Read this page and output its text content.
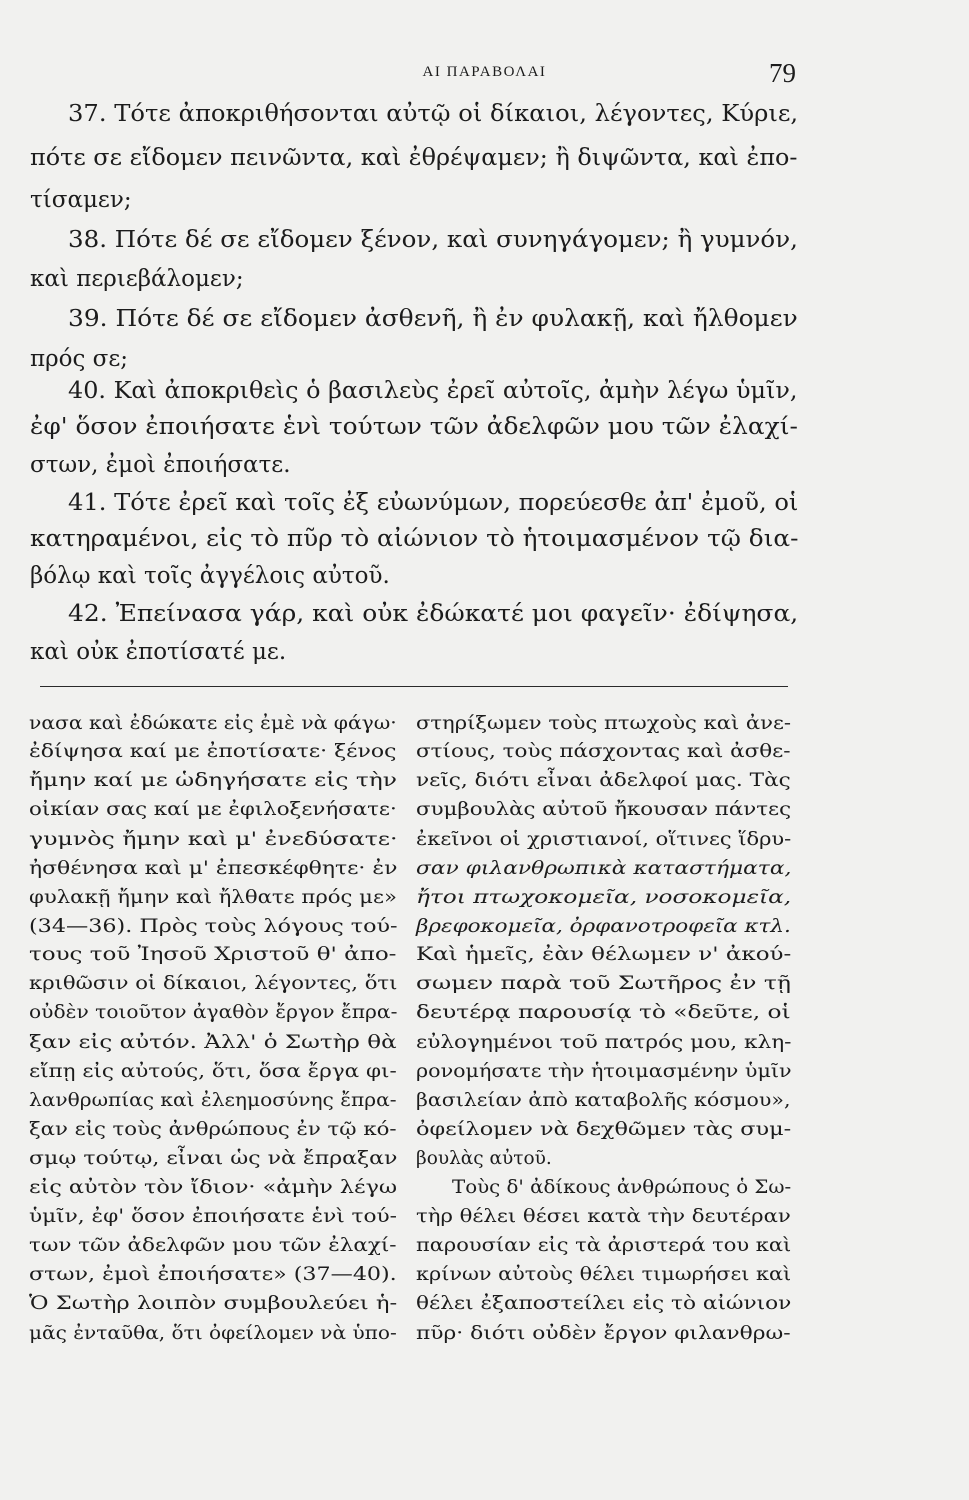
ΑΙ ΠΑΡΑΒΟΛΑΙ	79
37. Τότε ἀποκριθήσονται αὐτῷ οἱ δίκαιοι, λέγοντες, Κύριε,
πότε σε εἴδομεν πεινῶντα, καὶ ἐθρέψαμεν; ἢ διψῶντα, καὶ ἐπο-
τίσαμεν;
38. Πότε δέ σε εἴδομεν ξένον, καὶ συνηγάγομεν; ἢ γυμνόν,
καὶ περιεβάλομεν;
39. Πότε δέ σε εἴδομεν ἀσθενῆ, ἢ ἐν φυλακῇ, καὶ ἤλθομεν
πρός σε;
40. Καὶ ἀποκριθεὶς ὁ βασιλεὺς ἐρεῖ αὐτοῖς, ἀμὴν λέγω ὑμῖν,
ἐφ' ὅσον ἐποιήσατε ἑνὶ τούτων τῶν ἀδελφῶν μου τῶν ἐλαχί-
στων, ἐμοὶ ἐποιήσατε.
41. Τότε ἐρεῖ καὶ τοῖς ἐξ εὐωνύμων, πορεύεσθε ἀπ' ἐμοῦ, οἱ
κατηραμένοι, εἰς τὸ πῦρ τὸ αἰώνιον τὸ ἡτοιμασμένον τῷ δια-
βόλῳ καὶ τοῖς ἀγγέλοις αὐτοῦ.
42. Ἐπείνασα γάρ, καὶ οὐκ ἐδώκατέ μοι φαγεῖν· ἐδίψησα,
καὶ οὐκ ἐποτίσατέ με.
νασα καὶ ἐδώκατε εἰς ἐμὲ νὰ φάγω·
ἐδίψησα καί με ἐποτίσατε· ξένος
ἤμην καί με ὡδηγήσατε εἰς τὴν
οἰκίαν σας καί με ἐφιλοξενήσατε·
γυμνὸς ἤμην καὶ μ' ἐνεδύσατε·
ἠσθένησα καὶ μ' ἐπεσκέφθητε· ἐν
φυλακῇ ἤμην καὶ ἤλθατε πρός με»
(34—36). Πρὸς τοὺς λόγους τού-
τους τοῦ Ἰησοῦ Χριστοῦ θ' ἀπο-
κριθῶσιν οἱ δίκαιοι, λέγοντες, ὅτι
οὐδὲν τοιοῦτον ἀγαθὸν ἔργον ἔπρα-
ξαν εἰς αὐτόν. Ἀλλ' ὁ Σωτὴρ θὰ
εἴπῃ εἰς αὐτούς, ὅτι, ὅσα ἔργα φι-
λανθρωπίας καὶ ἐλεημοσύνης ἔπρα-
ξαν εἰς τοὺς ἀνθρώπους ἐν τῷ κό-
σμῳ τούτῳ, εἶναι ὡς νὰ ἔπραξαν
εἰς αὐτὸν τὸν ἴδιον· «ἀμὴν λέγω
ὑμῖν, ἐφ' ὅσον ἐποιήσατε ἑνὶ τού-
των τῶν ἀδελφῶν μου τῶν ἐλαχί-
στων, ἐμοὶ ἐποιήσατε» (37—40).
Ὁ Σωτὴρ λοιπὸν συμβουλεύει ἡ-
μᾶς ἐνταῦθα, ὅτι ὀφείλομεν νὰ ὑπο-
στηρίξωμεν τοὺς πτωχοὺς καὶ ἀνε-
στίους, τοὺς πάσχοντας καὶ ἀσθε-
νεῖς, διότι εἶναι ἀδελφοί μας. Τὰς
συμβουλὰς αὐτοῦ ἤκουσαν πάντες
ἐκεῖνοι οἱ χριστιανοί, οἵτινες ἵδρυ-
σαν φιλανθρωπικὰ καταστήματα,
ἤτοι πτωχοκομεῖα, νοσοκομεῖα,
βρεφοκομεῖα, ὀρφανοτροφεῖα κτλ.
Καὶ ἡμεῖς, ἐὰν θέλωμεν ν' ἀκού-
σωμεν παρὰ τοῦ Σωτῆρος ἐν τῇ
δευτέρᾳ παρουσίᾳ τὸ «δεῦτε, οἱ
εὐλογημένοι τοῦ πατρός μου, κλη-
ρονομήσατε τὴν ἡτοιμασμένην ὑμῖν
βασιλείαν ἀπὸ καταβολῆς κόσμου»,
ὀφείλομεν νὰ δεχθῶμεν τὰς συμ-
βουλὰς αὐτοῦ.
Τοὺς δ' ἀδίκους ἀνθρώπους ὁ Σω-
τὴρ θέλει θέσει κατὰ τὴν δευτέραν
παρουσίαν εἰς τὰ ἀριστερά του καὶ
κρίνων αὐτοὺς θέλει τιμωρήσει καὶ
θέλει ἐξαποστείλει εἰς τὸ αἰώνιον
πῦρ· διότι οὐδὲν ἔργον φιλανθρω-
